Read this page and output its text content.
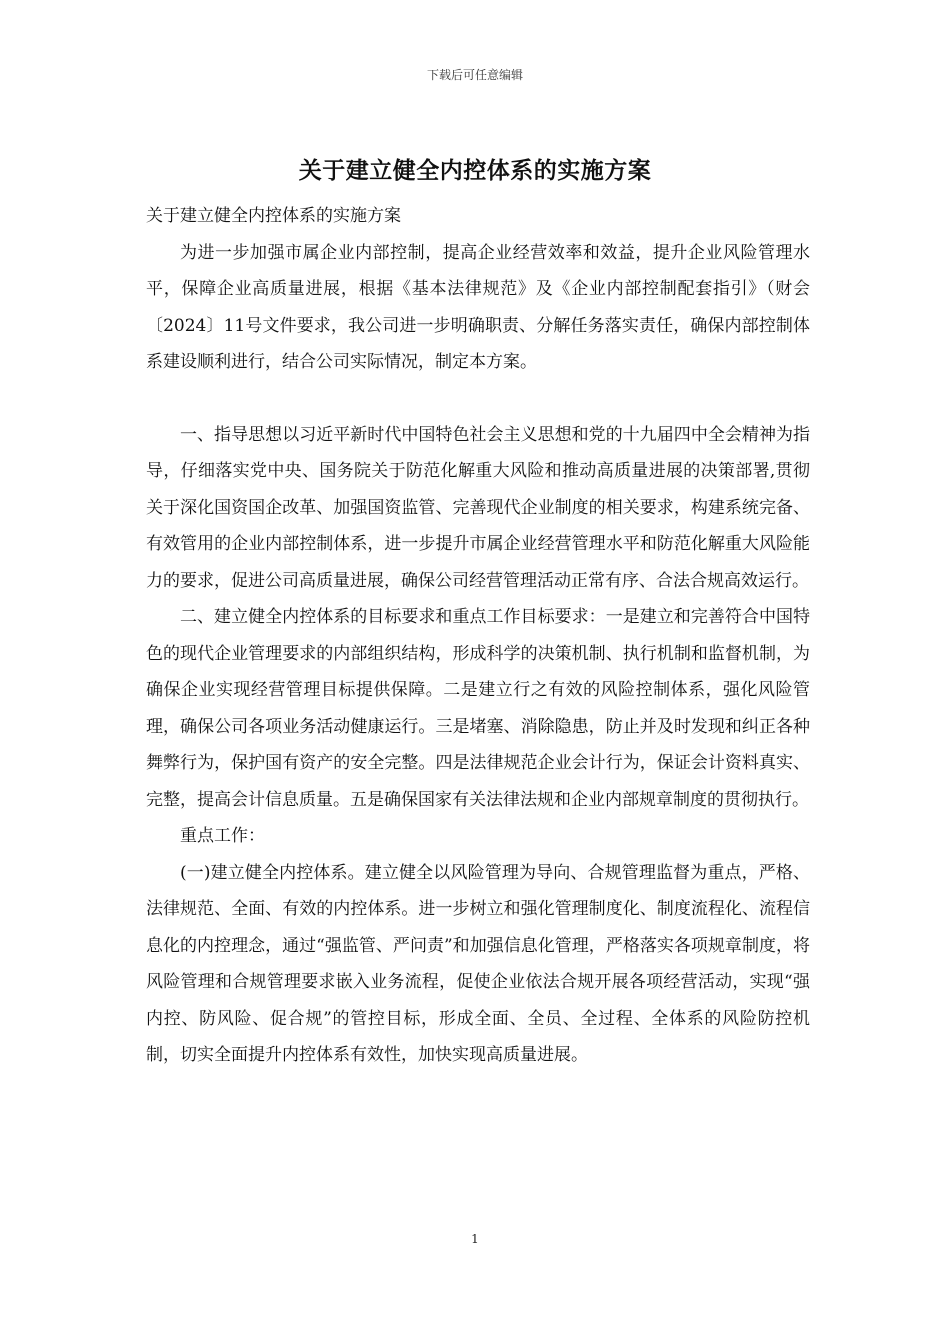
下载后可任意编辑
关于建立健全内控体系的实施方案

关于建立健全内控体系的实施方案

为进一步加强市属企业内部控制，提高企业经营效率和效益，提升企业风险管理水平，保障企业高质量进展，根据《基本法律规范》及《企业内部控制配套指引》（财会〔2024〕11号文件要求，我公司进一步明确职责、分解任务落实责任，确保内部控制体系建设顺利进行，结合公司实际情况，制定本方案。

一、指导思想以习近平新时代中国特色社会主义思想和党的十九届四中全会精神为指导，仔细落实党中央、国务院关于防范化解重大风险和推动高质量进展的决策部署,贯彻关于深化国资国企改革、加强国资监管、完善现代企业制度的相关要求，构建系统完备、有效管用的企业内部控制体系，进一步提升市属企业经营管理水平和防范化解重大风险能力的要求，促进公司高质量进展，确保公司经营管理活动正常有序、合法合规高效运行。

二、建立健全内控体系的目标要求和重点工作目标要求：一是建立和完善符合中国特色的现代企业管理要求的内部组织结构，形成科学的决策机制、执行机制和监督机制，为确保企业实现经营管理目标提供保障。二是建立行之有效的风险控制体系，强化风险管理，确保公司各项业务活动健康运行。三是堵塞、消除隐患，防止并及时发现和纠正各种舞弊行为，保护国有资产的安全完整。四是法律规范企业会计行为，保证会计资料真实、完整，提高会计信息质量。五是确保国家有关法律法规和企业内部规章制度的贯彻执行。

重点工作：

(一)建立健全内控体系。建立健全以风险管理为导向、合规管理监督为重点，严格、法律规范、全面、有效的内控体系。进一步树立和强化管理制度化、制度流程化、流程信息化的内控理念，通过“强监管、严问责”和加强信息化管理，严格落实各项规章制度，将风险管理和合规管理要求嵌入业务流程，促使企业依法合规开展各项经营活动，实现“强内控、防风险、促合规”的管控目标，形成全面、全员、全过程、全体系的风险防控机制，切实全面提升内控体系有效性，加快实现高质量进展。

1
